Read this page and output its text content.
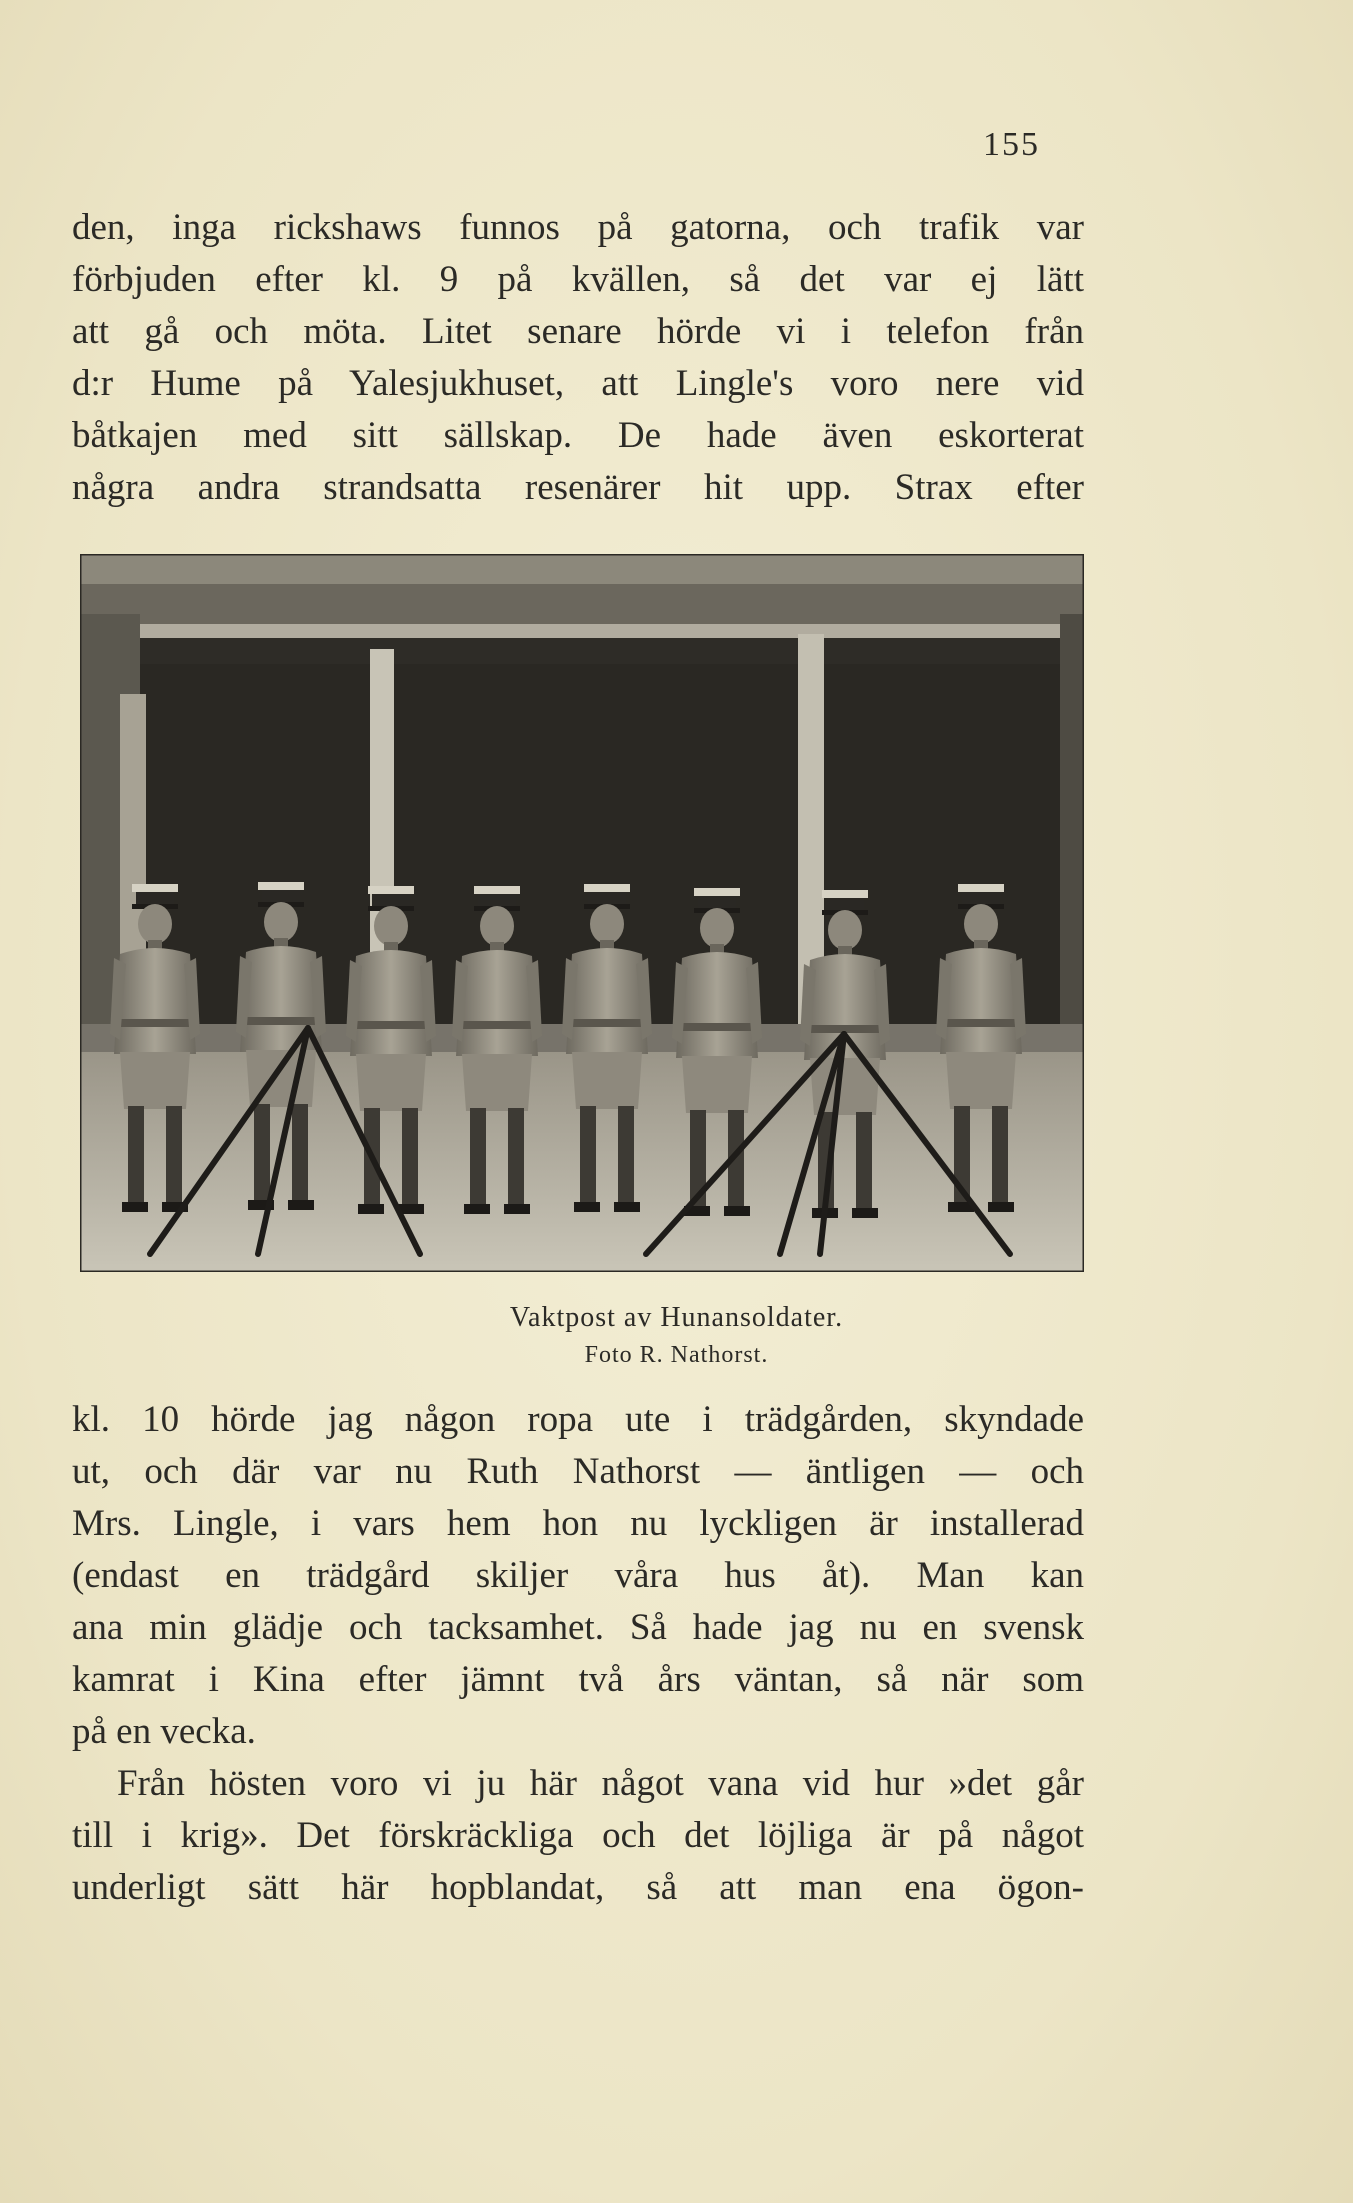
155
den, inga rickshaws funnos på gatorna, och trafik var
förbjuden efter kl. 9 på kvällen, så det var ej lätt
att gå och möta. Litet senare hörde vi i telefon från
d:r Hume på Yalesjukhuset, att Lingle's voro nere vid
båtkajen med sitt sällskap. De hade även eskorterat
några andra strandsatta resenärer hit upp. Strax efter
Vaktpost av Hunansoldater.
Foto R. Nathorst.
kl. 10 hörde jag någon ropa ute i trädgården, skyndade
ut, och där var nu Ruth Nathorst — äntligen — och
Mrs. Lingle, i vars hem hon nu lyckligen är installerad
(endast en trädgård skiljer våra hus åt). Man kan
ana min glädje och tacksamhet. Så hade jag nu en svensk
kamrat i Kina efter jämnt två års väntan, så när som
på en vecka.
Från hösten voro vi ju här något vana vid hur »det går
till i krig». Det förskräckliga och det löjliga är på något
underligt sätt här hopblandat, så att man ena ögon-
